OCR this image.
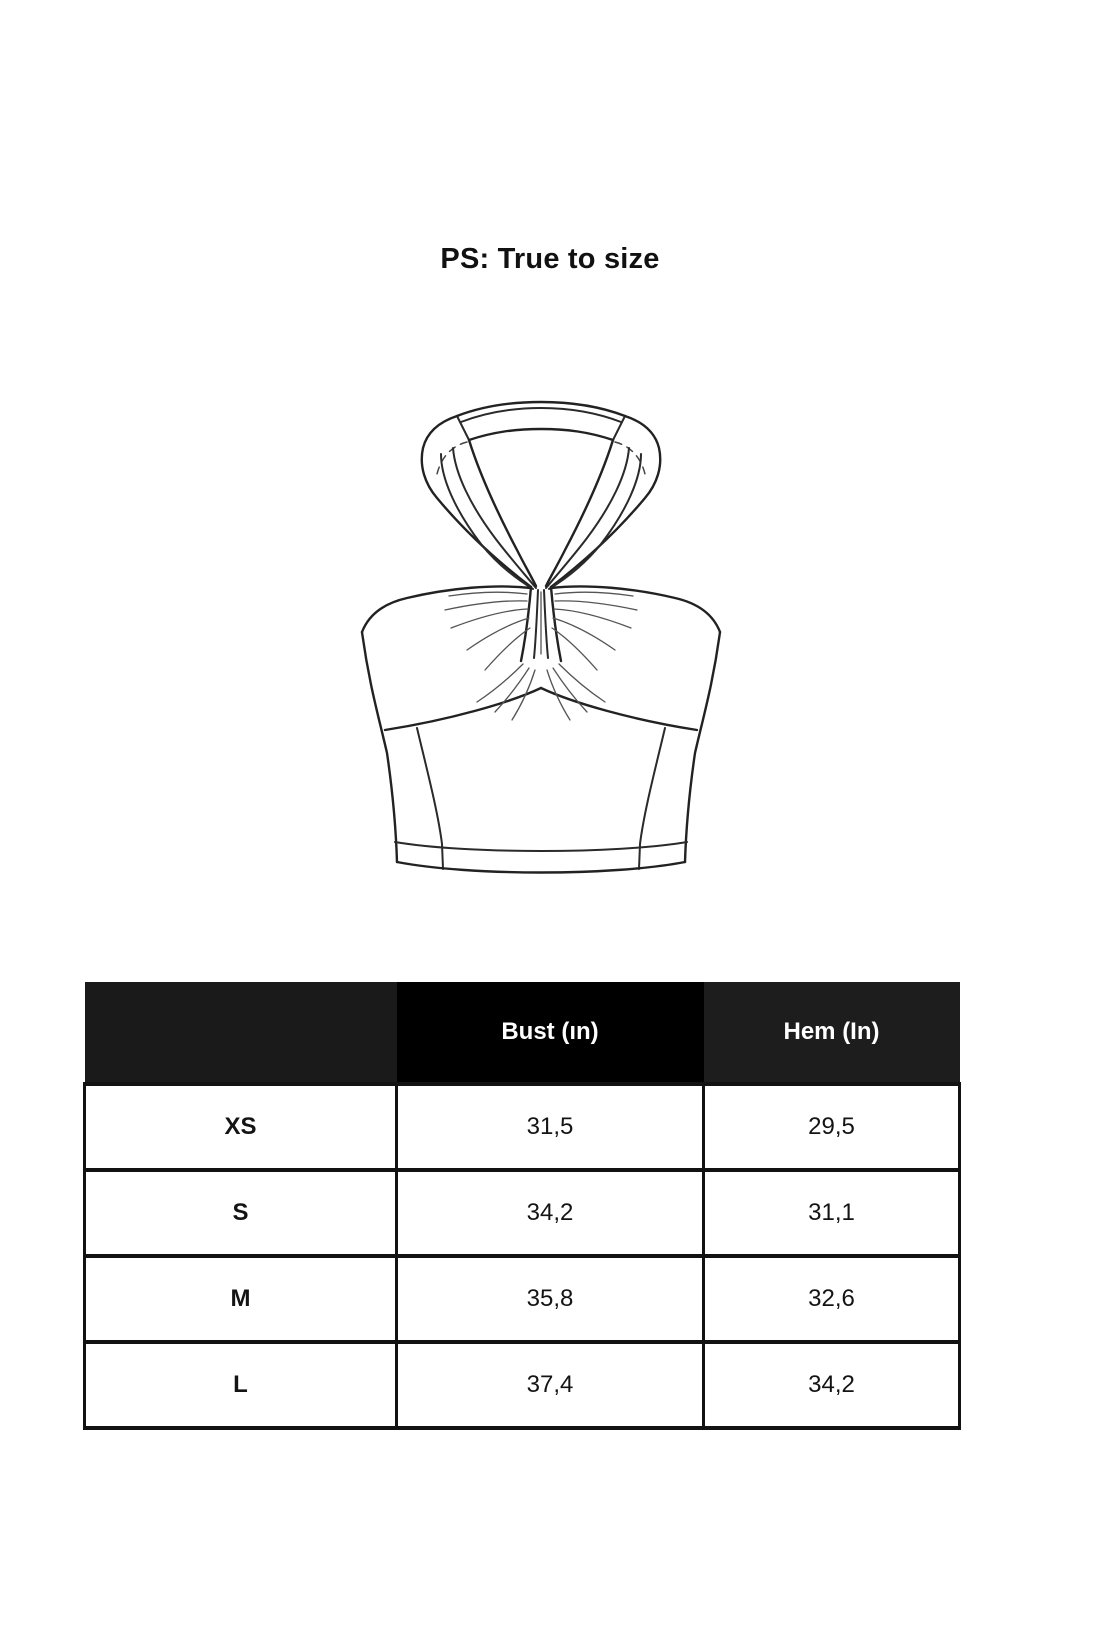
PS: True to size
	Bust (ın)	Hem (In)
XS	31,5	29,5
S	34,2	31,1
M	35,8	32,6
L	37,4	34,2
